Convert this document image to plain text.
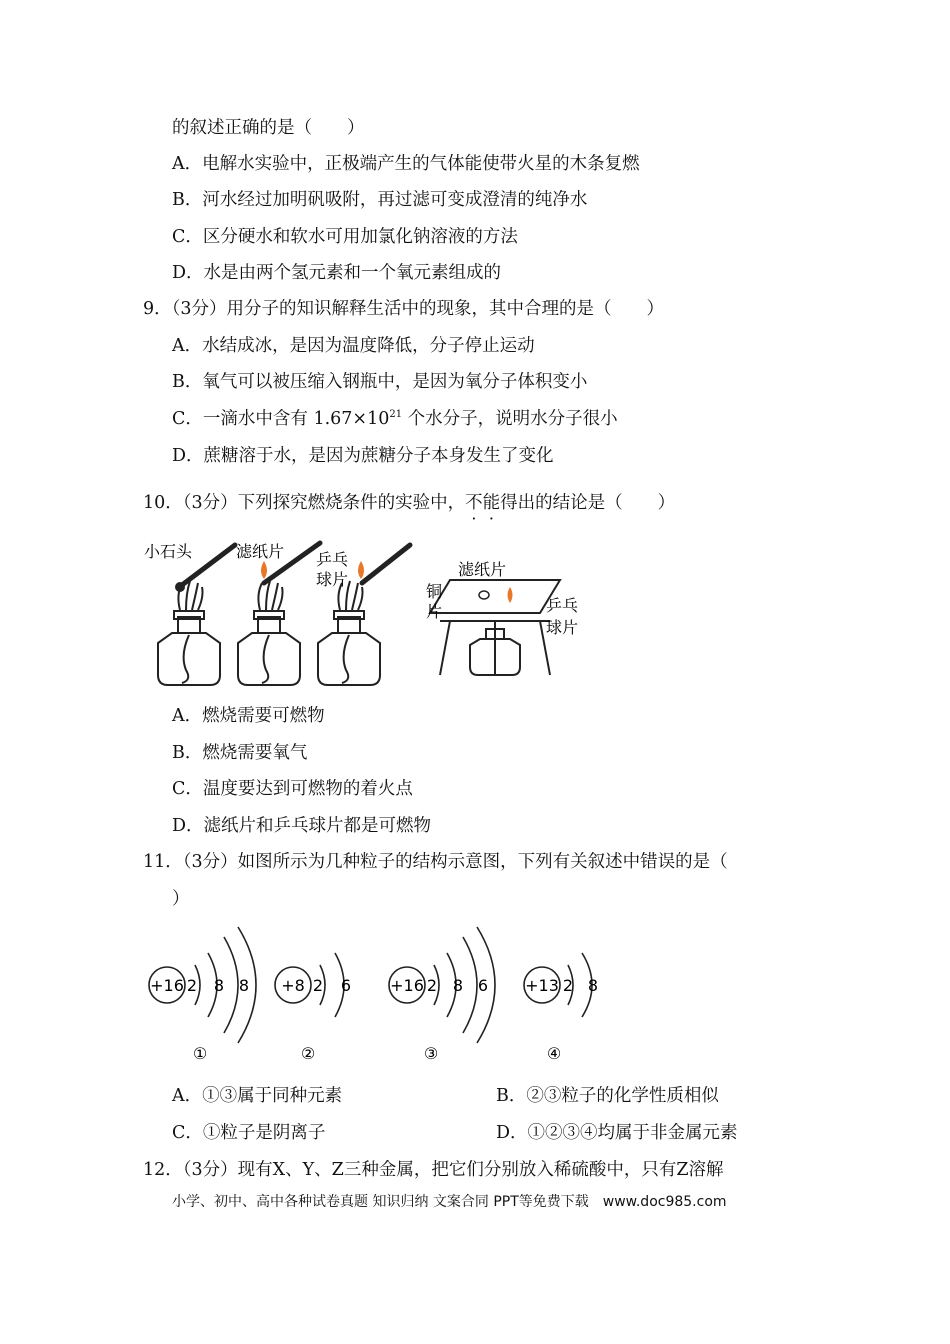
的叙述正确的是（　　）
A．电解水实验中，正极端产生的气体能使带火星的木条复燃
B．河水经过加明矾吸附，再过滤可变成澄清的纯净水
C．区分硬水和软水可用加氯化钠溶液的方法
D．水是由两个氢元素和一个氧元素组成的
9．（3分）用分子的知识解释生活中的现象，其中合理的是（　　）
A．水结成冰，是因为温度降低，分子停止运动
B．氧气可以被压缩入钢瓶中，是因为氧分子体积变小
C．一滴水中含有 $1.67\times 10^{21}$ 个水分子，说明水分子很小
D．蔗糖溶于水，是因为蔗糖分子本身发生了变化
10．（3分）下列探究燃烧条件的实验中，不能得出的结论是（　　）
小石头	滤纸片 乒乓
球片
滤纸片
铜
片	乒乓
球片
A．燃烧需要可燃物
B．燃烧需要氧气
C．温度要达到可燃物的着火点
D．滤纸片和乒乓球片都是可燃物
11．（3分）如图所示为几种粒子的结构示意图，下列有关叙述中错误的是（
）
+16 2 8 8
①
+8 2 6
②
+16 2 8 6
③
+13 2 8
④
A．①③属于同种元素	B．②③粒子的化学性质相似
C．①粒子是阴离子	D．①②③④均属于非金属元素
12．（3分）现有X、Y、Z三种金属，把它们分别放入稀硫酸中，只有Z溶解
小学、初中、高中各种试卷真题 知识归纳 文案合同 PPT等免费下载　www.doc985.com
